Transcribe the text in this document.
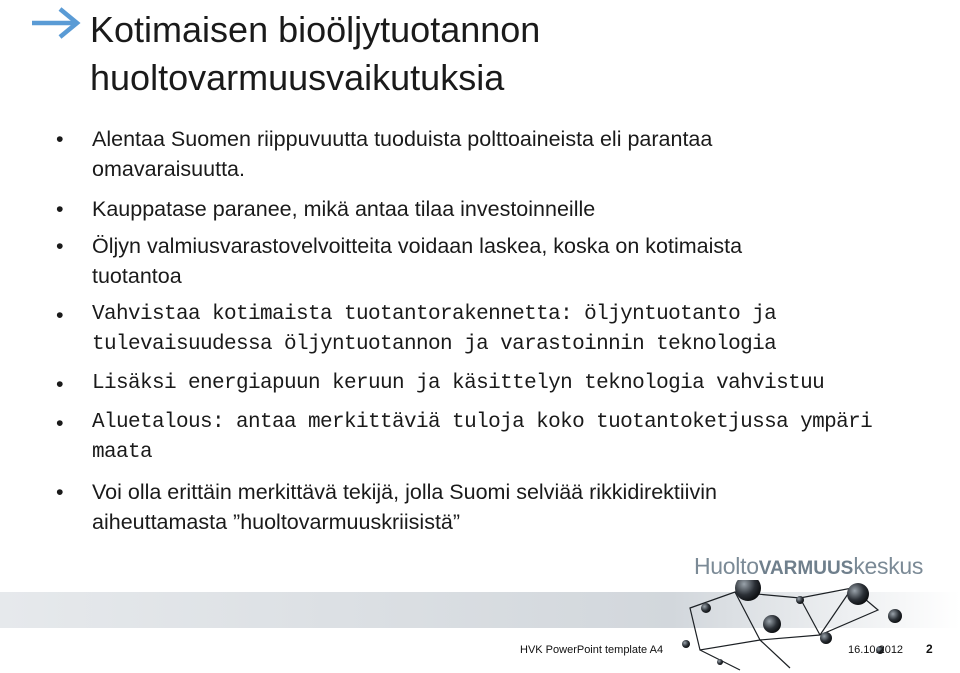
Kotimaisen bioöljytuotannon
huoltovarmuusvaikutuksia
• Alentaa Suomen riippuvuutta tuoduista polttoaineista eli parantaa
omavaraisuutta.
• Kauppatase paranee, mikä antaa tilaa investoinneille
• Öljyn valmiusvarastovelvoitteita voidaan laskea, koska on kotimaista
tuotantoa
• Vahvistaa kotimaista tuotantorakennetta: öljyntuotanto ja
tulevaisuudessa öljyntuotannon ja varastoinnin teknologia
• Lisäksi energiapuun keruun ja käsittelyn teknologia vahvistuu
• Aluetalous: antaa merkittäviä tuloja koko tuotantoketjussa ympäri
maata
• Voi olla erittäin merkittävä tekijä, jolla Suomi selviää rikkidirektiivin
aiheuttamasta ”huoltovarmuuskriisistä”
HuoltoVARMUUSkeskus
HVK PowerPoint template A4	16.10.2012 2
